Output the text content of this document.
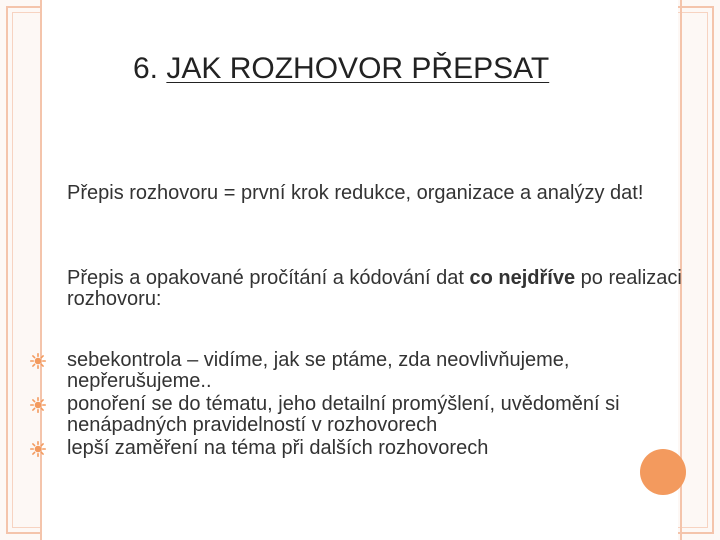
6. JAK ROZHOVOR PŘEPSAT

Přepis rozhovoru = první krok redukce, organizace a analýzy dat!

Přepis a opakované pročítání a kódování dat co nejdříve po realizaci rozhovoru:

sebekontrola – vidíme, jak se ptáme, zda neovlivňujeme, nepřerušujeme..
ponoření se do tématu, jeho detailní promýšlení, uvědomění si nenápadných pravidelností v rozhovorech
lepší zaměření na téma při dalších rozhovorech
